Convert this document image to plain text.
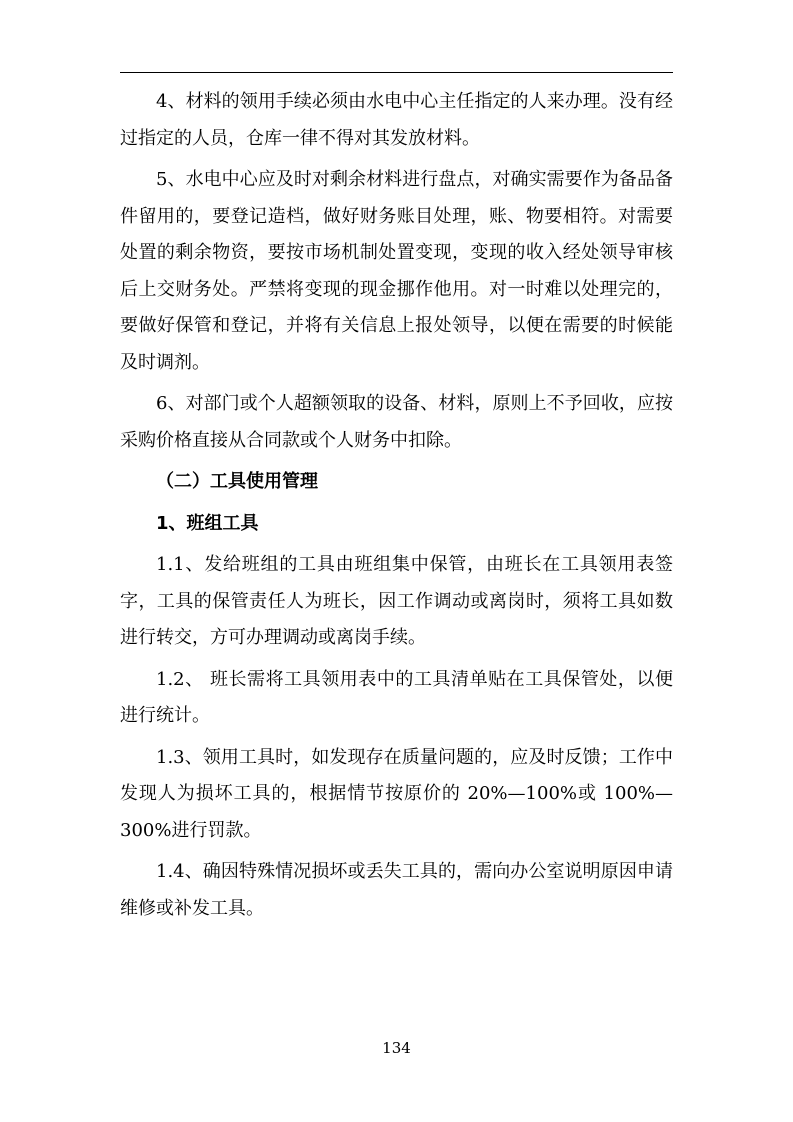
4、材料的领用手续必须由水电中心主任指定的人来办理。没有经过指定的人员，仓库一律不得对其发放材料。

5、水电中心应及时对剩余材料进行盘点，对确实需要作为备品备件留用的，要登记造档，做好财务账目处理，账、物要相符。对需要处置的剩余物资，要按市场机制处置变现，变现的收入经处领导审核后上交财务处。严禁将变现的现金挪作他用。对一时难以处理完的，要做好保管和登记，并将有关信息上报处领导，以便在需要的时候能及时调剂。

6、对部门或个人超额领取的设备、材料，原则上不予回收，应按采购价格直接从合同款或个人财务中扣除。

（二）工具使用管理

1、班组工具

1.1、发给班组的工具由班组集中保管，由班长在工具领用表签字，工具的保管责任人为班长，因工作调动或离岗时，须将工具如数进行转交，方可办理调动或离岗手续。

1.2、 班长需将工具领用表中的工具清单贴在工具保管处，以便进行统计。

1.3、领用工具时，如发现存在质量问题的，应及时反馈；工作中发现人为损坏工具的，根据情节按原价的 20%—100%或 100%—300%进行罚款。

1.4、确因特殊情况损坏或丢失工具的，需向办公室说明原因申请维修或补发工具。

134
